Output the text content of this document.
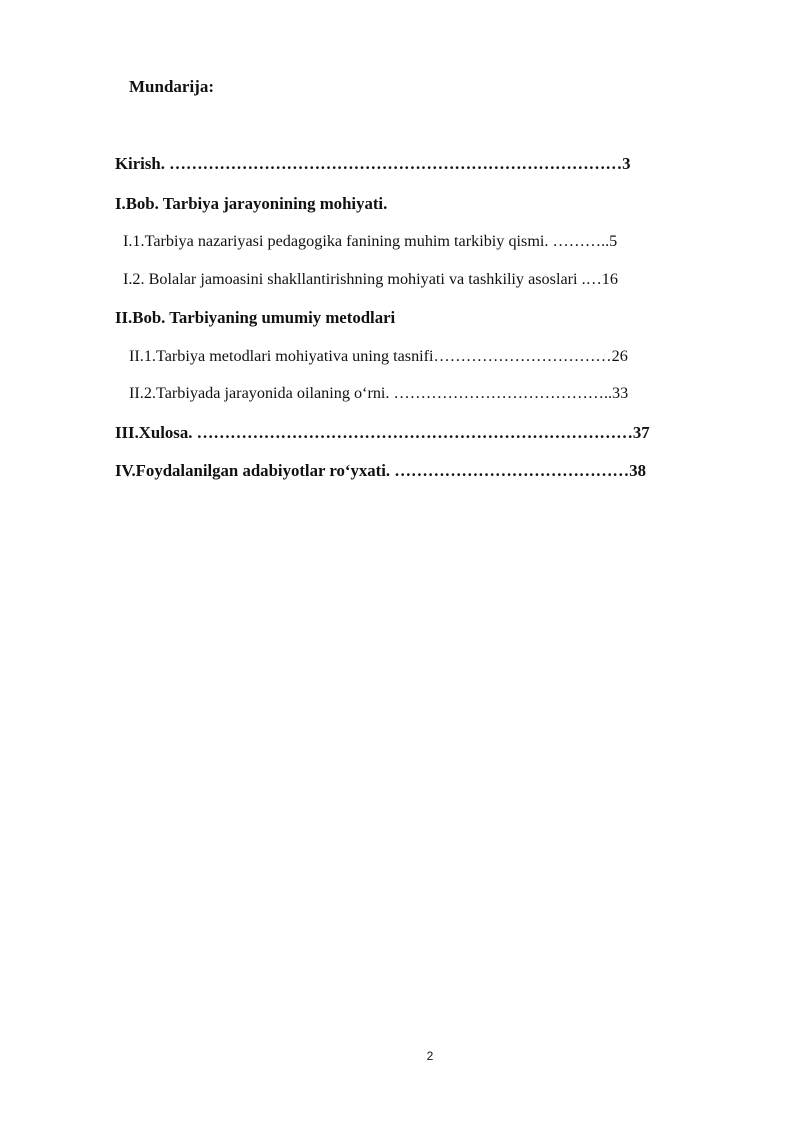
Mundarija:
Kirish. ………………………………………………………………………3
I.Bob. Tarbiya jarayonining mohiyati.
I.1.Tarbiya nazariyasi pedagogika fanining muhim tarkibiy qismi. ………..5
I.2. Bolalar jamoasini shakllantirishning mohiyati va tashkiliy asoslari .…16
II.Bob. Tarbiyaning umumiy metodlari
II.1.Tarbiya metodlari mohiyativa uning tasnifi……………………………26
II.2.Tarbiyada jarayonida oilaning oʻrni. …………………………………..33
III.Xulosa. ……………………………………………………………………37
IV.Foydalanilgan adabiyotlar roʻyxati. ……………………………………38
2
